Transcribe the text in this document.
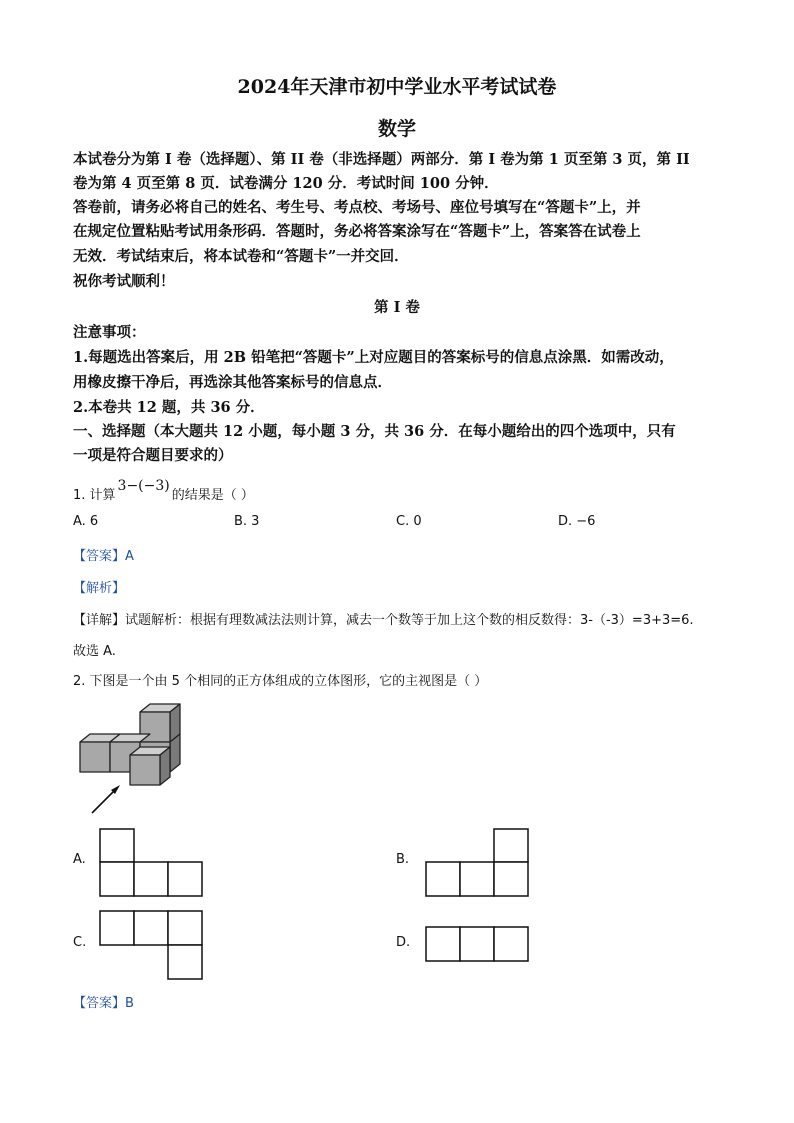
2024年天津市初中学业水平考试试卷
数学
本试卷分为第 I 卷（选择题）、第 II 卷（非选择题）两部分．第 I 卷为第 1 页至第 3 页，第 II
卷为第 4 页至第 8 页．试卷满分 120 分．考试时间 100 分钟．
答卷前，请务必将自己的姓名、考生号、考点校、考场号、座位号填写在“答题卡”上，并
在规定位置粘贴考试用条形码．答题时，务必将答案涂写在“答题卡”上，答案答在试卷上
无效．考试结束后，将本试卷和“答题卡”一并交回．
祝你考试顺利！
第 I 卷
注意事项：
1.每题选出答案后，用 2B 铅笔把“答题卡”上对应题目的答案标号的信息点涂黑．如需改动，
用橡皮擦干净后，再选涂其他答案标号的信息点．
2.本卷共 12 题，共 36 分．
一、选择题（本大题共 12 小题，每小题 3 分，共 36 分．在每小题给出的四个选项中，只有
一项是符合题目要求的）
1. 计算3−(−3)的结果是（ ）
A. 6	B. 3	C. 0	D. −6
【答案】A
【解析】
【详解】试题解析：根据有理数减法法则计算，减去一个数等于加上这个数的相反数得：3-（-3）=3+3=6.
故选 A.
2. 下图是一个由 5 个相同的正方体组成的立体图形，它的主视图是（ ）
A.	B.
C.	D.
【答案】B
